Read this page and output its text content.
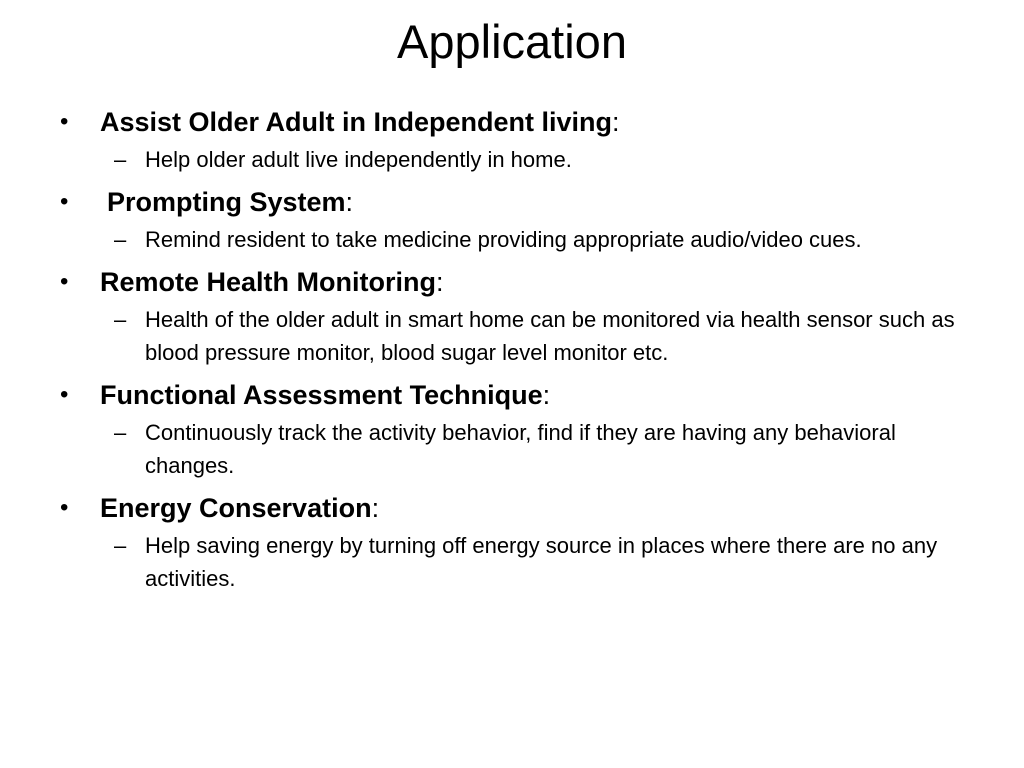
Application
• Assist Older Adult in Independent living:
– Help older adult live independently in home.
• Prompting System:
– Remind resident to take medicine providing appropriate audio/video cues.
• Remote Health Monitoring:
– Health of the older adult in smart home can be monitored via health sensor such as blood pressure monitor, blood sugar level monitor etc.
• Functional Assessment Technique:
– Continuously track the activity behavior, find if they are having any behavioral changes.
• Energy Conservation:
– Help saving energy by turning off energy source in places where there are no any activities.
